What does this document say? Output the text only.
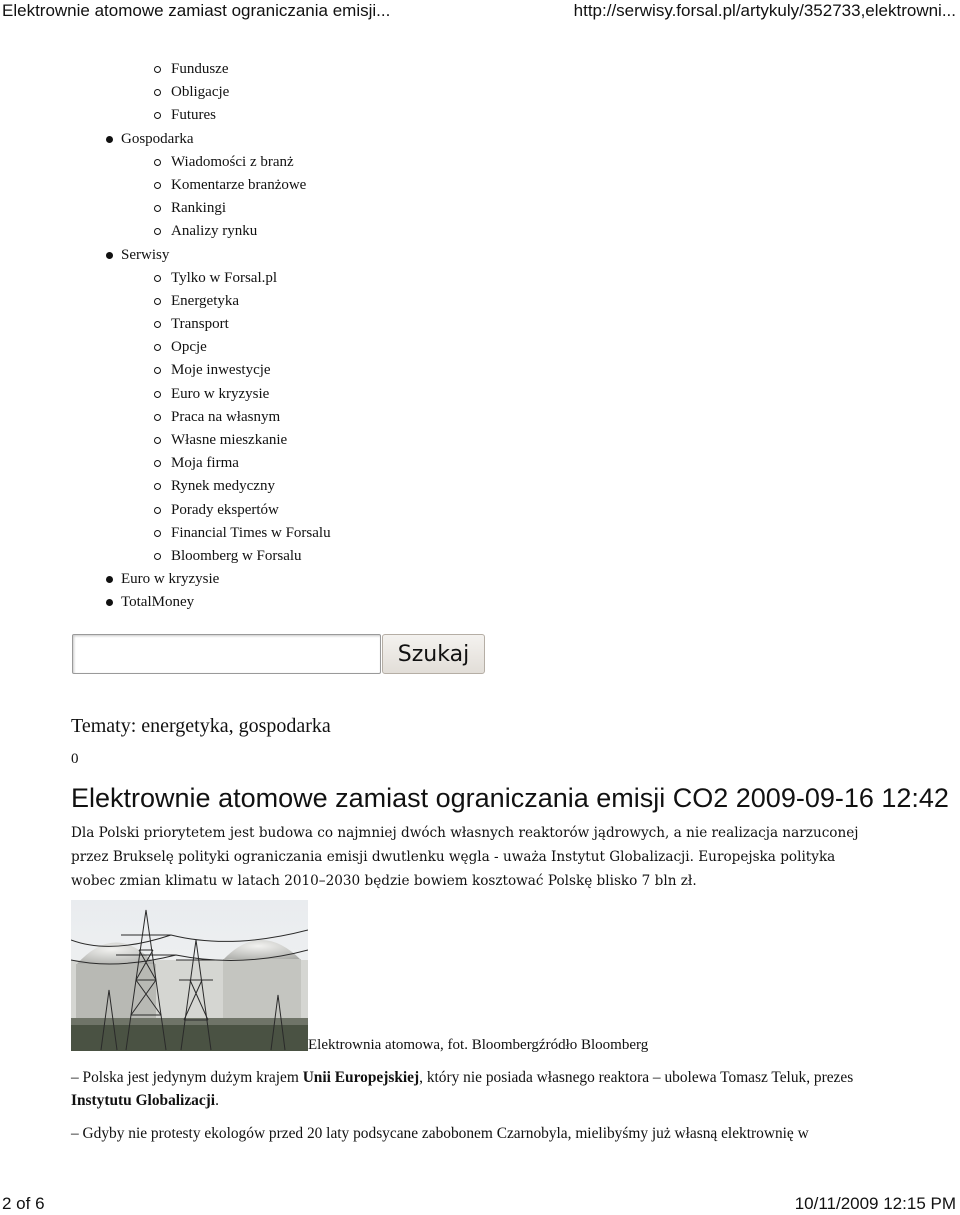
Elektrownie atomowe zamiast ograniczania emisji...	http://serwisy.forsal.pl/artykuly/352733,elektrowni...
Fundusze
Obligacje
Futures
Gospodarka
Wiadomości z branż
Komentarze branżowe
Rankingi
Analizy rynku
Serwisy
Tylko w Forsal.pl
Energetyka
Transport
Opcje
Moje inwestycje
Euro w kryzysie
Praca na własnym
Własne mieszkanie
Moja firma
Rynek medyczny
Porady ekspertów
Financial Times w Forsalu
Bloomberg w Forsalu
Euro w kryzysie
TotalMoney
Szukaj
Tematy: energetyka, gospodarka
0
Elektrownie atomowe zamiast ograniczania emisji CO2 2009-09-16 12:42
Dla Polski priorytetem jest budowa co najmniej dwóch własnych reaktorów jądrowych, a nie realizacja narzuconej przez Brukselę polityki ograniczania emisji dwutlenku węgla - uważa Instytut Globalizacji. Europejska polityka wobec zmian klimatu w latach 2010–2030 będzie bowiem kosztować Polskę blisko 7 bln zł.
Elektrownia atomowa, fot. Bloombergźródło Bloomberg

– Polska jest jedynym dużym krajem Unii Europejskiej, który nie posiada własnego reaktora – ubolewa Tomasz Teluk, prezes Instytutu Globalizacji.

– Gdyby nie protesty ekologów przed 20 laty podsycane zabobonem Czarnobyla, mielibyśmy już własną elektrownię w

2 of 6	10/11/2009 12:15 PM
